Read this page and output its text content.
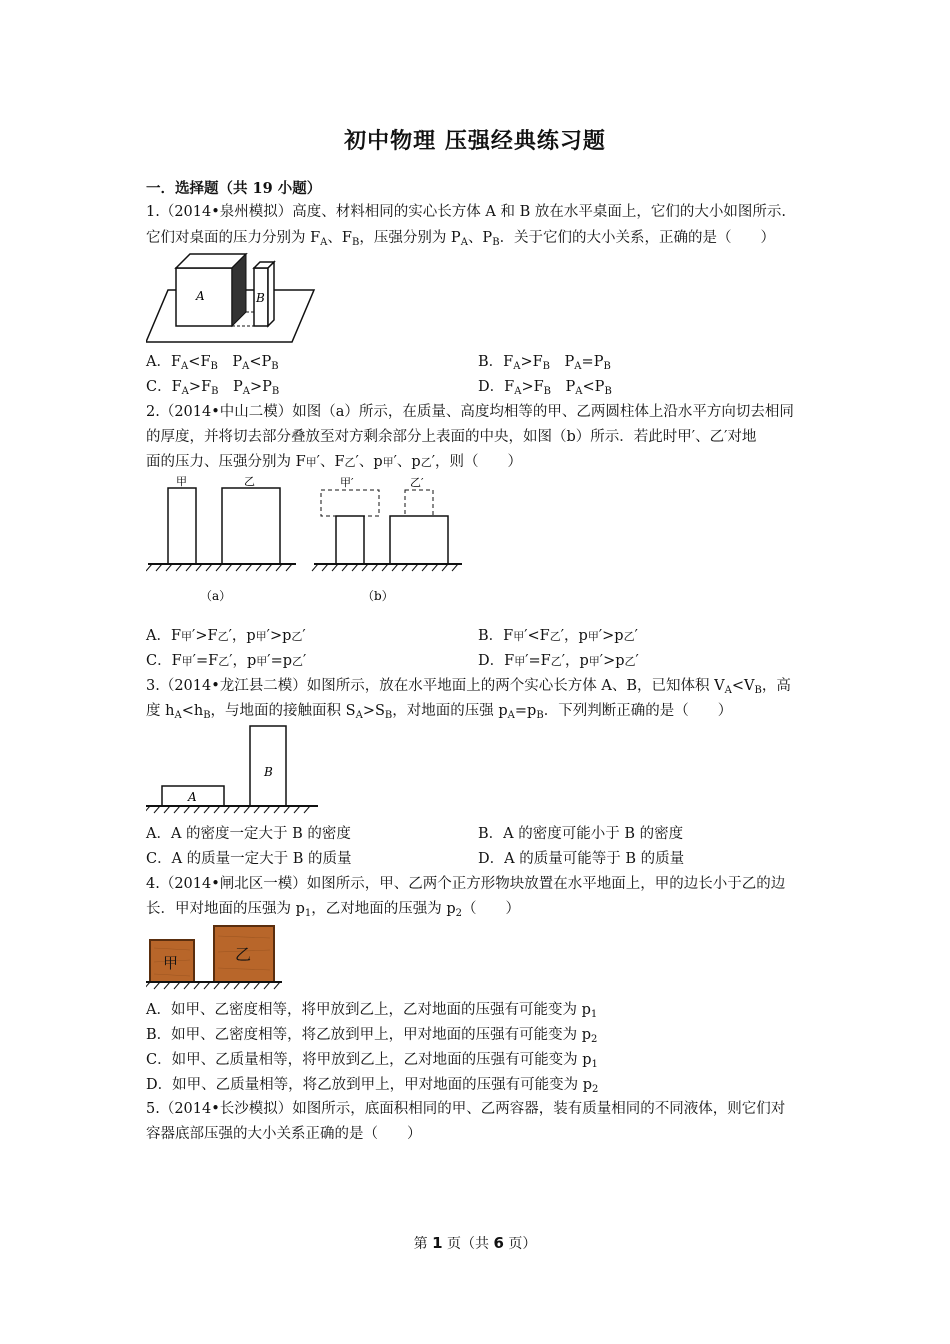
初中物理 压强经典练习题
一．选择题（共 19 小题）
1.（2014•泉州模拟）高度、材料相同的实心长方体 A 和 B 放在水平桌面上，它们的大小如图所示.
它们对桌面的压力分别为 $F_A$、$F_B$，压强分别为 $P_A$、$P_B$．关于它们的大小关系，正确的是（　　）
A	B
A．$F_A<F_B$　 $P_A<P_B$	B．$F_A>F_B$　 $P_A=P_B$
C．$F_A>F_B$　 $P_A>P_B$	D．$F_A>F_B$　 $P_A<P_B$
2.（2014•中山二模）如图（a）所示，在质量、高度均相等的甲、乙两圆柱体上沿水平方向切去相同
的厚度，并将切去部分叠放至对方剩余部分上表面的中央，如图（b）所示．若此时甲′、乙′对地
面的压力、压强分别为 F甲′、F乙′、p甲′、p乙′，则（　　）
甲	乙	甲′	乙′
（a）	（b）
A．F甲′>F乙′，p甲′>p乙′	B．F甲′<F乙′，p甲′>p乙′
C．F甲′=F乙′，p甲′=p乙′	D．F甲′=F乙′，p甲′>p乙′
3.（2014•龙江县二模）如图所示，放在水平地面上的两个实心长方体 A、B，已知体积 $V_A<V_B$，高
度 $h_A<h_B$，与地面的接触面积 $S_A>S_B$，对地面的压强 $p_A=p_B$．下列判断正确的是（　　）
A
B
A．A 的密度一定大于 B 的密度	B．A 的密度可能小于 B 的密度
C．A 的质量一定大于 B 的质量	D．A 的质量可能等于 B 的质量
4.（2014•闸北区一模）如图所示，甲、乙两个正方形物块放置在水平地面上，甲的边长小于乙的边
长．甲对地面的压强为 $p_1$，乙对地面的压强为 $p_2$（　　）
甲	乙
A．如甲、乙密度相等，将甲放到乙上，乙对地面的压强有可能变为 $p_1$
B．如甲、乙密度相等，将乙放到甲上，甲对地面的压强有可能变为 $p_2$
C．如甲、乙质量相等，将甲放到乙上，乙对地面的压强有可能变为 $p_1$
D．如甲、乙质量相等，将乙放到甲上，甲对地面的压强有可能变为 $p_2$
5.（2014•长沙模拟）如图所示，底面积相同的甲、乙两容器，装有质量相同的不同液体，则它们对
容器底部压强的大小关系正确的是（　　）
第 1 页（共 6 页）
